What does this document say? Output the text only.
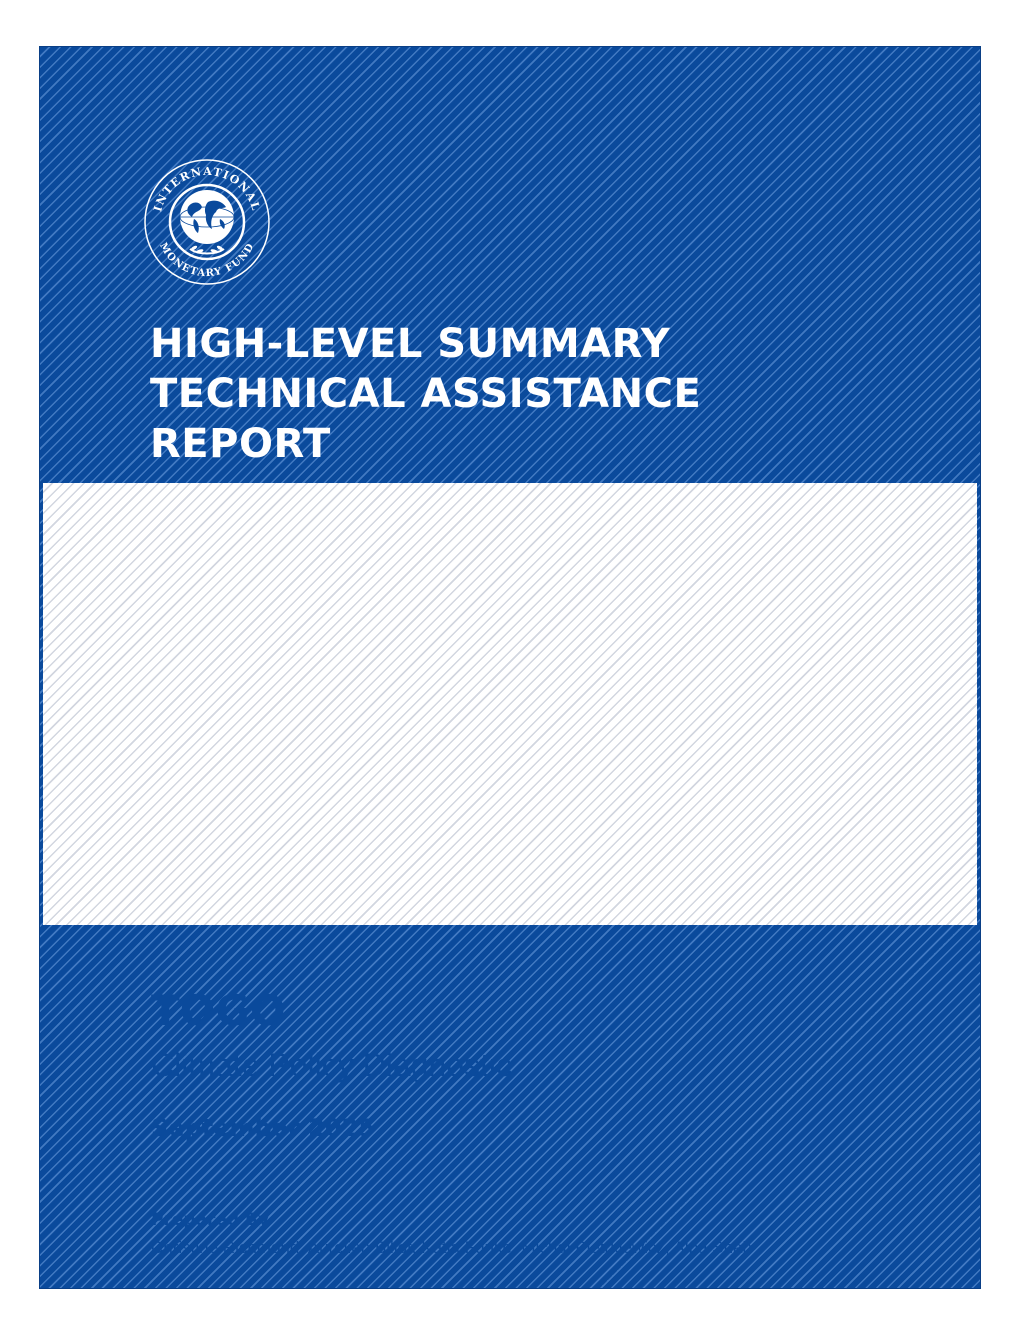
INTERNATIONAL
MONETARY FUND
HIGH-LEVEL SUMMARY
TECHNICAL ASSISTANCE
REPORT
TOGO
Climate Policy Diagnostic
September 2025
Prepared By
Christine Richmond, Aurelien Billot, Katja Funke, Michal Pietrkiewicz, Alpa Shah
